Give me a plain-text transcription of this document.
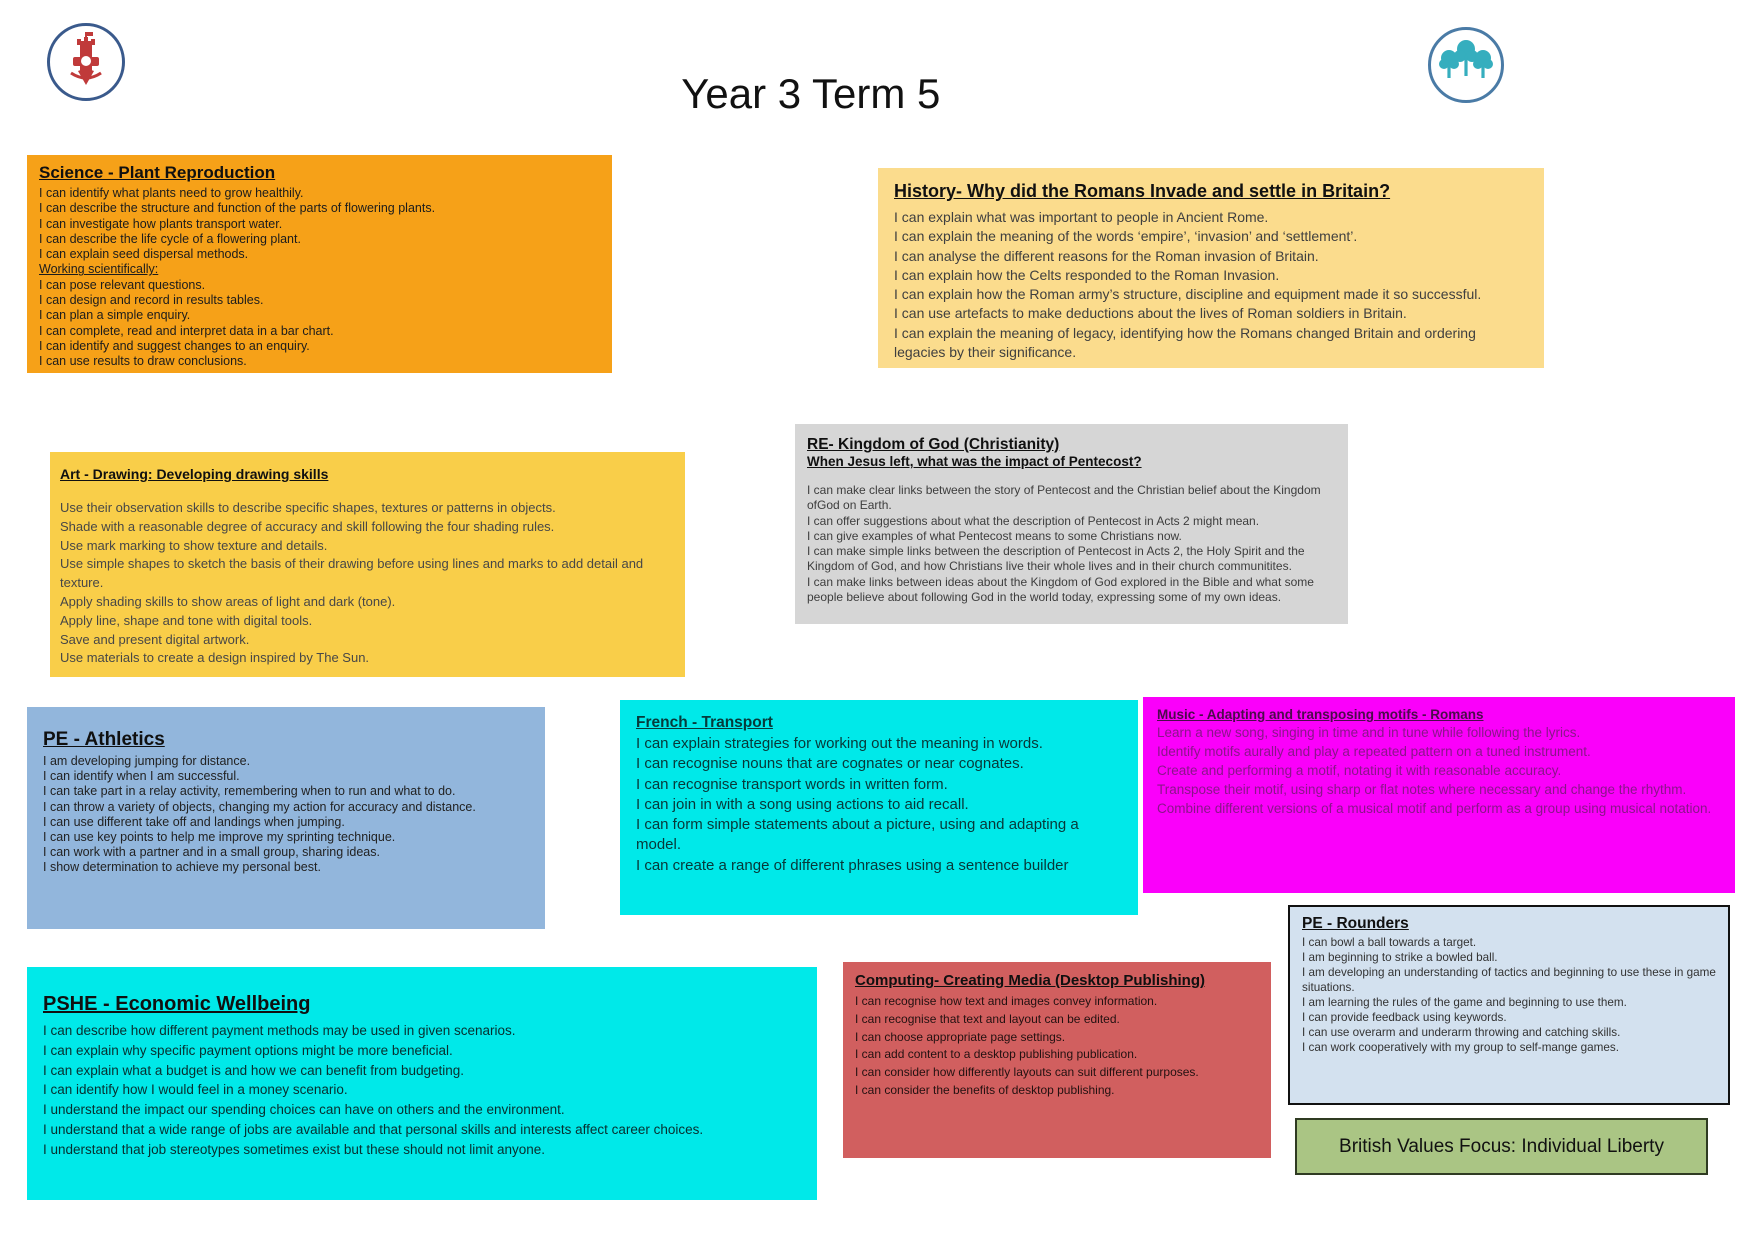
Year 3 Term 5
Science - Plant Reproduction
I can identify what plants need to grow healthily.
I can describe the structure and function of the parts of flowering plants.
I can investigate how plants transport water.
I can describe the life cycle of a flowering plant.
I can explain seed dispersal methods.
Working scientifically:
I can pose relevant questions.
I can design and record in results tables.
I can plan a simple enquiry.
I can complete, read and interpret data in a bar chart.
I can identify and suggest changes to an enquiry.
I can use results to draw conclusions.
History- Why did the Romans Invade and settle in Britain?
I can explain what was important to people in Ancient Rome.
I can explain the meaning of the words ‘empire’, ‘invasion’ and ‘settlement’.
I can analyse the different reasons for the Roman invasion of Britain.
I can explain how the Celts responded to the Roman Invasion.
I can explain how the Roman army’s structure, discipline and equipment made it so successful.
I can use artefacts to make deductions about the lives of Roman soldiers in Britain.
I can explain the meaning of legacy, identifying how the Romans changed Britain and ordering legacies by their significance.
Art - Drawing: Developing drawing skills
Use their observation skills to describe specific shapes, textures or patterns in objects.
Shade with a reasonable degree of accuracy and skill following the four shading rules.
Use mark marking to show texture and details.
Use simple shapes to sketch the basis of their drawing before using lines and marks to add detail and texture.
Apply shading skills to show areas of light and dark (tone).
Apply line, shape and tone with digital tools.
Save and present digital artwork.
Use materials to create a design inspired by The Sun.
RE- Kingdom of God (Christianity)
When Jesus left, what was the impact of Pentecost?
I can make clear links between the story of Pentecost and the Christian belief about the Kingdom ofGod on Earth.
I can offer suggestions about what the description of Pentecost in Acts 2 might mean.
I can give examples of what Pentecost means to some Christians now.
I can make simple links between the description of Pentecost in Acts 2, the Holy Spirit and the Kingdom of God, and how Christians live their whole lives and in their church communitites.
I can make links between ideas about the Kingdom of God explored in the Bible and what some people believe about following God in the world today, expressing some of my own ideas.
PE - Athletics
I am developing jumping for distance.
I can identify when I am successful.
I can take part in a relay activity, remembering when to run and what to do.
I can throw a variety of objects, changing my action for accuracy and distance.
I can use different take off and landings when jumping.
I can use key points to help me improve my sprinting technique.
I can work with a partner and in a small group, sharing ideas.
I show determination to achieve my personal best.
French - Transport
I can explain strategies for working out the meaning in words.
I can recognise nouns that are cognates or near cognates.
I can recognise transport words in written form.
I can join in with a song using actions to aid recall.
I can form simple statements about a picture, using and adapting a model.
I can create a range of different phrases using a sentence builder
Music - Adapting and transposing motifs - Romans
Learn a new song, singing in time and in tune while following the lyrics.
Identify motifs aurally and play a repeated pattern on a tuned instrument.
Create and performing a motif, notating it with reasonable accuracy.
Transpose their motif, using sharp or flat notes where necessary and change the rhythm.
Combine different versions of a musical motif and perform as a group using musical notation.
PSHE - Economic Wellbeing
I can describe how different payment methods may be used in given scenarios.
I can explain why specific payment options might be more beneficial.
I can explain what a budget is and how we can benefit from budgeting.
I can identify how I would feel in a money scenario.
I understand the impact our spending choices can have on others and the environment.
I understand that a wide range of jobs are available and that personal skills and interests affect career choices.
I understand that job stereotypes sometimes exist but these should not limit anyone.
Computing- Creating Media (Desktop Publishing)
I can recognise how text and images convey information.
I can recognise that text and layout can be edited.
I can choose appropriate page settings.
I can add content to a desktop publishing publication.
I can consider how differently layouts can suit different purposes.
I can consider the benefits of desktop publishing.
PE - Rounders
I can bowl a ball towards a target.
I am beginning to strike a bowled ball.
I am developing an understanding of tactics and beginning to use these in game situations.
I am learning the rules of the game and beginning to use them.
I can provide feedback using keywords.
I can use overarm and underarm throwing and catching skills.
I can work cooperatively with my group to self-mange games.
British Values Focus: Individual Liberty
